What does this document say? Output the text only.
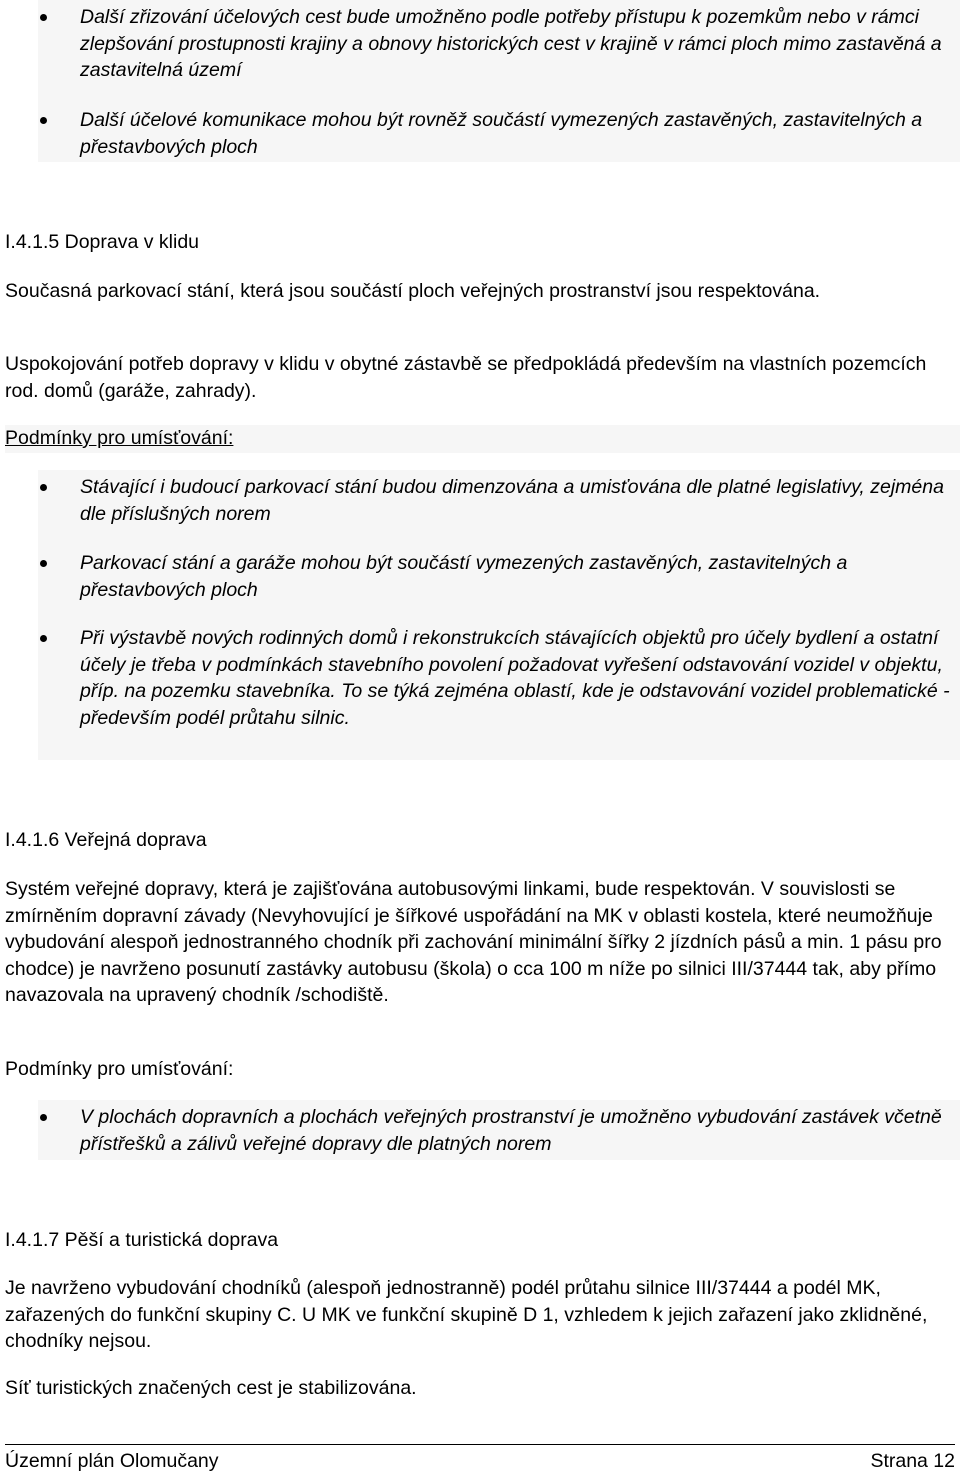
Další zřizování účelových cest bude umožněno podle potřeby přístupu k pozemkům nebo v rámci zlepšování prostupnosti krajiny a obnovy historických cest v krajině v rámci ploch mimo zastavěná a zastavitelná území
Další účelové komunikace mohou být rovněž součástí vymezených zastavěných, zastavitelných a přestavbových ploch
I.4.1.5 Doprava v klidu
Současná parkovací stání, která jsou součástí ploch veřejných prostranství jsou respektována.
Uspokojování potřeb dopravy v klidu v obytné zástavbě se předpokládá především na vlastních pozemcích rod. domů (garáže, zahrady).
Podmínky pro umísťování:
Stávající i budoucí parkovací stání budou dimenzována a umisťována dle platné legislativy, zejména dle příslušných norem
Parkovací stání a garáže mohou být součástí vymezených zastavěných, zastavitelných a přestavbových ploch
Při výstavbě nových rodinných domů i rekonstrukcích stávajících objektů pro účely bydlení a ostatní účely je třeba v podmínkách stavebního povolení požadovat vyřešení odstavování vozidel v objektu, příp. na pozemku stavebníka. To se týká zejména oblastí, kde je odstavování vozidel problematické - především podél průtahu silnic.
I.4.1.6 Veřejná doprava
Systém veřejné dopravy, která je zajišťována autobusovými linkami, bude respektován. V souvislosti se zmírněním dopravní závady (Nevyhovující je šířkové uspořádání na MK v oblasti kostela, které neumožňuje vybudování alespoň jednostranného chodník při zachování minimální šířky 2 jízdních pásů a min. 1 pásu pro chodce) je navrženo posunutí zastávky autobusu (škola) o cca 100 m níže po silnici III/37444 tak, aby přímo navazovala na upravený chodník /schodiště.
Podmínky pro umísťování:
V plochách dopravních a plochách veřejných prostranství je umožněno vybudování zastávek včetně přístřešků a zálivů veřejné dopravy dle platných norem
I.4.1.7 Pěší a turistická doprava
Je navrženo vybudování chodníků (alespoň jednostranně) podél průtahu silnice III/37444 a podél MK, zařazených do funkční skupiny C. U MK ve funkční skupině D 1, vzhledem k jejich zařazení jako zklidněné, chodníky nejsou.
Síť turistických značených cest je stabilizována.
Územní plán Olomučany	Strana 12
